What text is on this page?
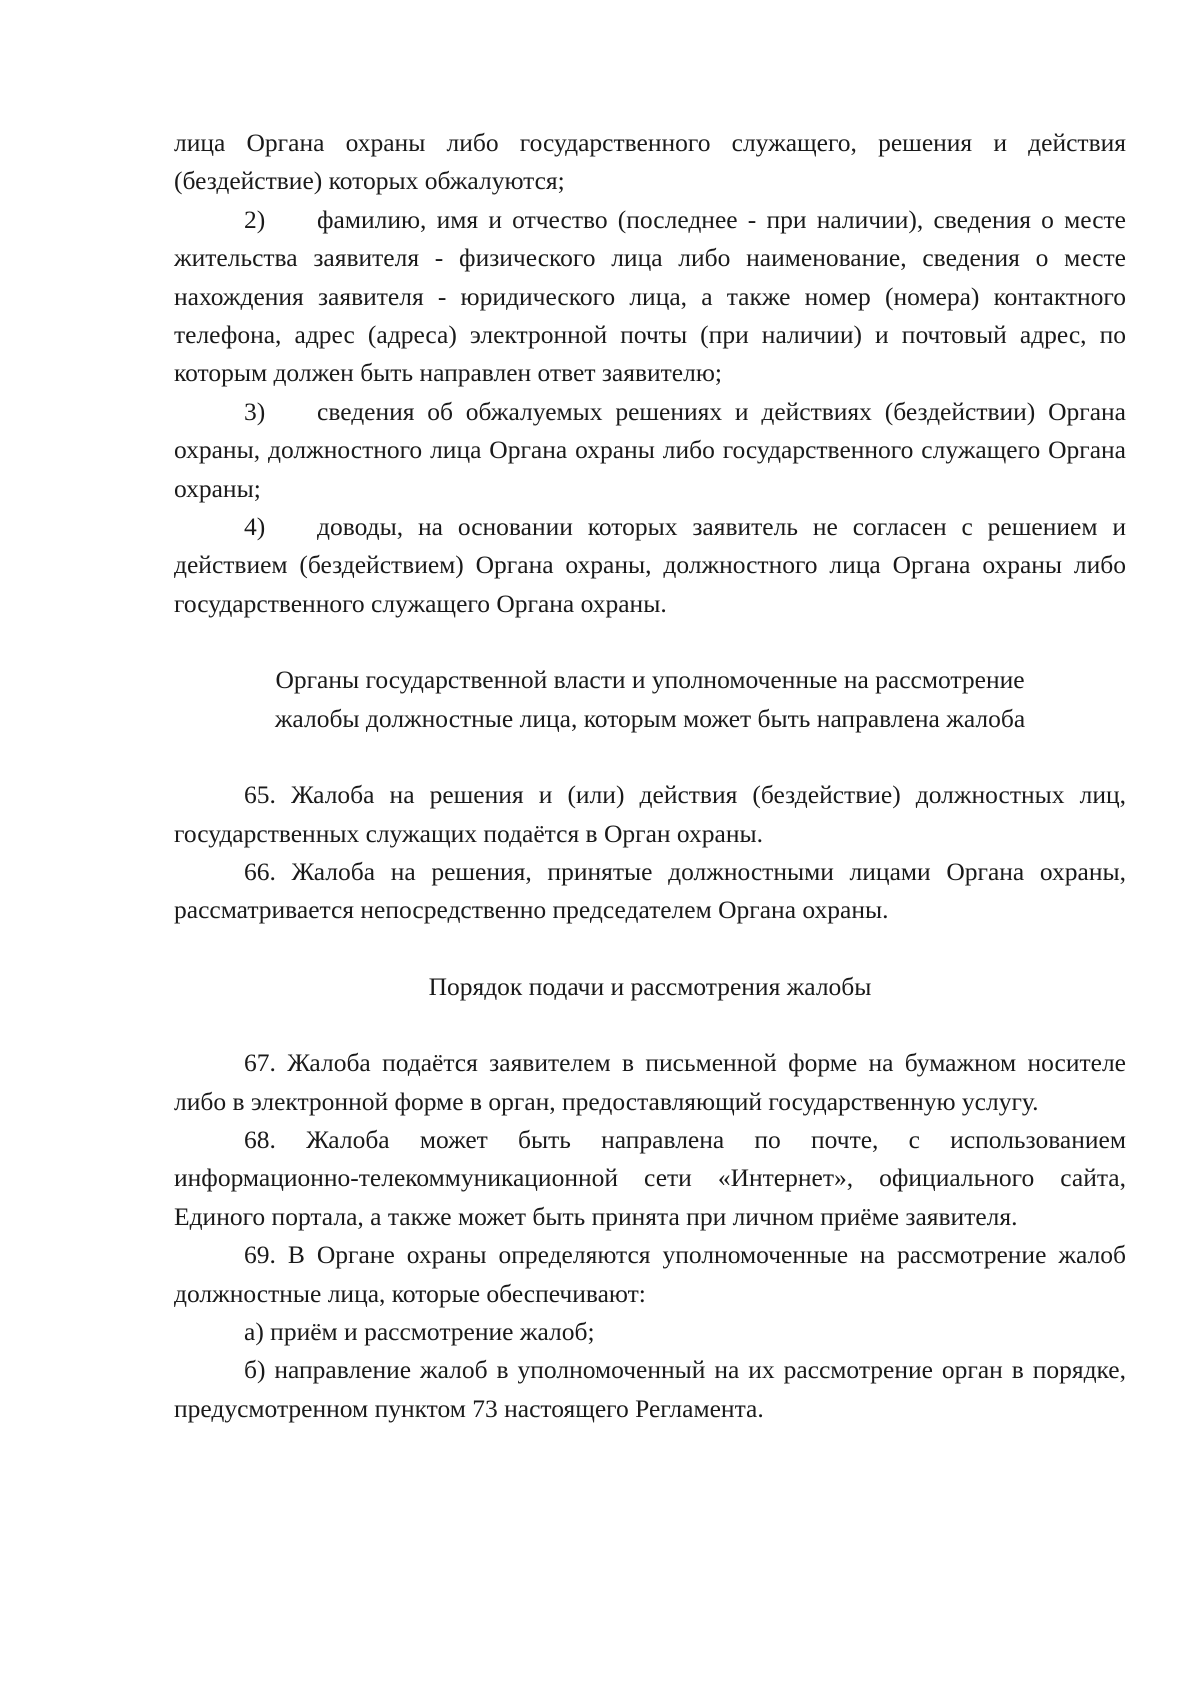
лица Органа охраны либо государственного служащего, решения и действия (бездействие) которых обжалуются;

2) фамилию, имя и отчество (последнее - при наличии), сведения о месте жительства заявителя - физического лица либо наименование, сведения о месте нахождения заявителя - юридического лица, а также номер (номера) контактного телефона, адрес (адреса) электронной почты (при наличии) и почтовый адрес, по которым должен быть направлен ответ заявителю;

3) сведения об обжалуемых решениях и действиях (бездействии) Органа охраны, должностного лица Органа охраны либо государственного служащего Органа охраны;

4) доводы, на основании которых заявитель не согласен с решением и действием (бездействием) Органа охраны, должностного лица Органа охраны либо государственного служащего Органа охраны.

Органы государственной власти и уполномоченные на рассмотрение

жалобы должностные лица, которым может быть направлена жалоба

65. Жалоба на решения и (или) действия (бездействие) должностных лиц, государственных служащих подаётся в Орган охраны.

66. Жалоба на решения, принятые должностными лицами Органа охраны, рассматривается непосредственно председателем Органа охраны.

Порядок подачи и рассмотрения жалобы

67. Жалоба подаётся заявителем в письменной форме на бумажном носителе либо в электронной форме в орган, предоставляющий государственную услугу.

68. Жалоба может быть направлена по почте, с использованием информационно-телекоммуникационной сети «Интернет», официального сайта, Единого портала, а также может быть принята при личном приёме заявителя.

69. В Органе охраны определяются уполномоченные на рассмотрение жалоб должностные лица, которые обеспечивают:

а) приём и рассмотрение жалоб;

б) направление жалоб в уполномоченный на их рассмотрение орган в порядке, предусмотренном пунктом 73 настоящего Регламента.
